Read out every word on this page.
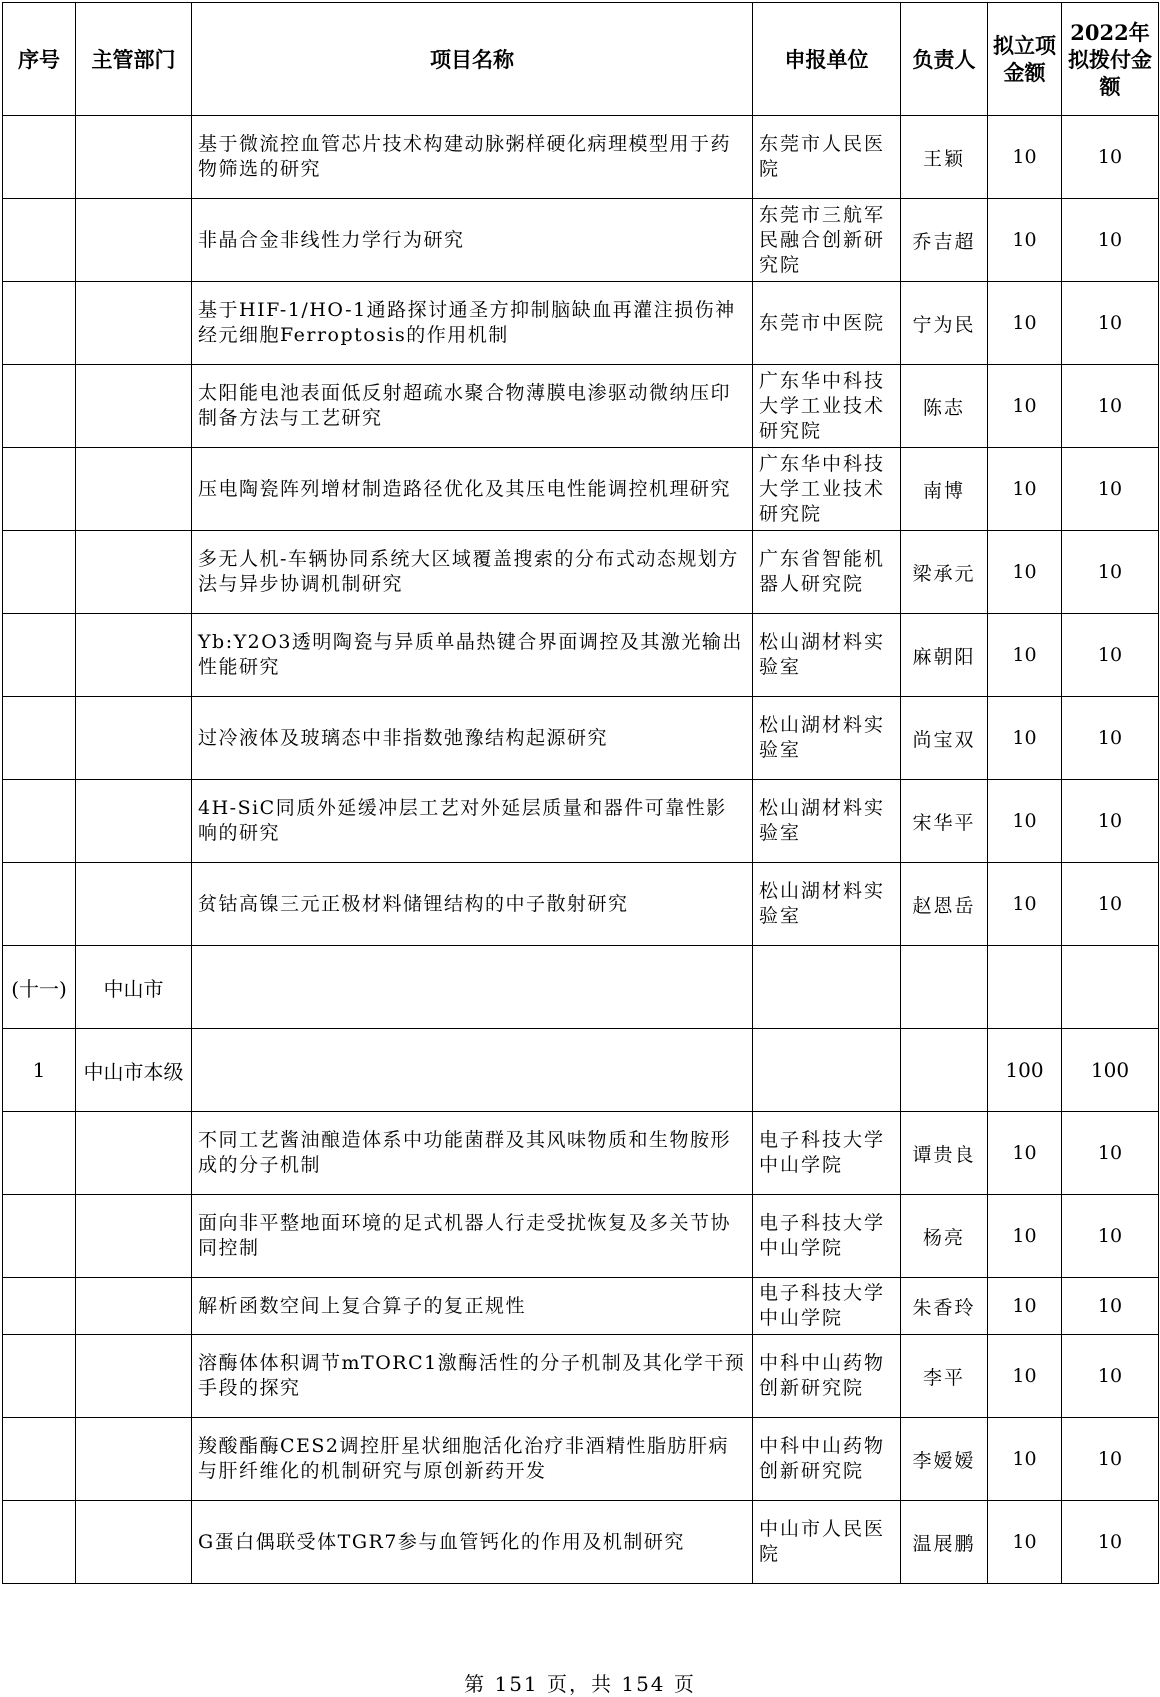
序号	主管部门	项目名称	申报单位	负责人	拟立项金额	2022年拟拨付金额
		基于微流控血管芯片技术构建动脉粥样硬化病理模型用于药物筛选的研究	东莞市人民医院	王颖	10	10
		非晶合金非线性力学行为研究	东莞市三航军民融合创新研究院	乔吉超	10	10
		基于HIF-1/HO-1通路探讨通圣方抑制脑缺血再灌注损伤神经元细胞Ferroptosis的作用机制	东莞市中医院	宁为民	10	10
		太阳能电池表面低反射超疏水聚合物薄膜电渗驱动微纳压印制备方法与工艺研究	广东华中科技大学工业技术研究院	陈志	10	10
		压电陶瓷阵列增材制造路径优化及其压电性能调控机理研究	广东华中科技大学工业技术研究院	南博	10	10
		多无人机-车辆协同系统大区域覆盖搜索的分布式动态规划方法与异步协调机制研究	广东省智能机器人研究院	梁承元	10	10
		Yb:Y2O3透明陶瓷与异质单晶热键合界面调控及其激光输出性能研究	松山湖材料实验室	麻朝阳	10	10
		过冷液体及玻璃态中非指数弛豫结构起源研究	松山湖材料实验室	尚宝双	10	10
		4H-SiC同质外延缓冲层工艺对外延层质量和器件可靠性影响的研究	松山湖材料实验室	宋华平	10	10
		贫钴高镍三元正极材料储锂结构的中子散射研究	松山湖材料实验室	赵恩岳	10	10
(十一)	中山市					
1	中山市本级				100	100
		不同工艺酱油酿造体系中功能菌群及其风味物质和生物胺形成的分子机制	电子科技大学中山学院	谭贵良	10	10
		面向非平整地面环境的足式机器人行走受扰恢复及多关节协同控制	电子科技大学中山学院	杨亮	10	10
		解析函数空间上复合算子的复正规性	电子科技大学中山学院	朱香玲	10	10
		溶酶体体积调节mTORC1激酶活性的分子机制及其化学干预手段的探究	中科中山药物创新研究院	李平	10	10
		羧酸酯酶CES2调控肝星状细胞活化治疗非酒精性脂肪肝病与肝纤维化的机制研究与原创新药开发	中科中山药物创新研究院	李嫒嫒	10	10
		G蛋白偶联受体TGR7参与血管钙化的作用及机制研究	中山市人民医院	温展鹏	10	10
第 151 页，共 154 页
